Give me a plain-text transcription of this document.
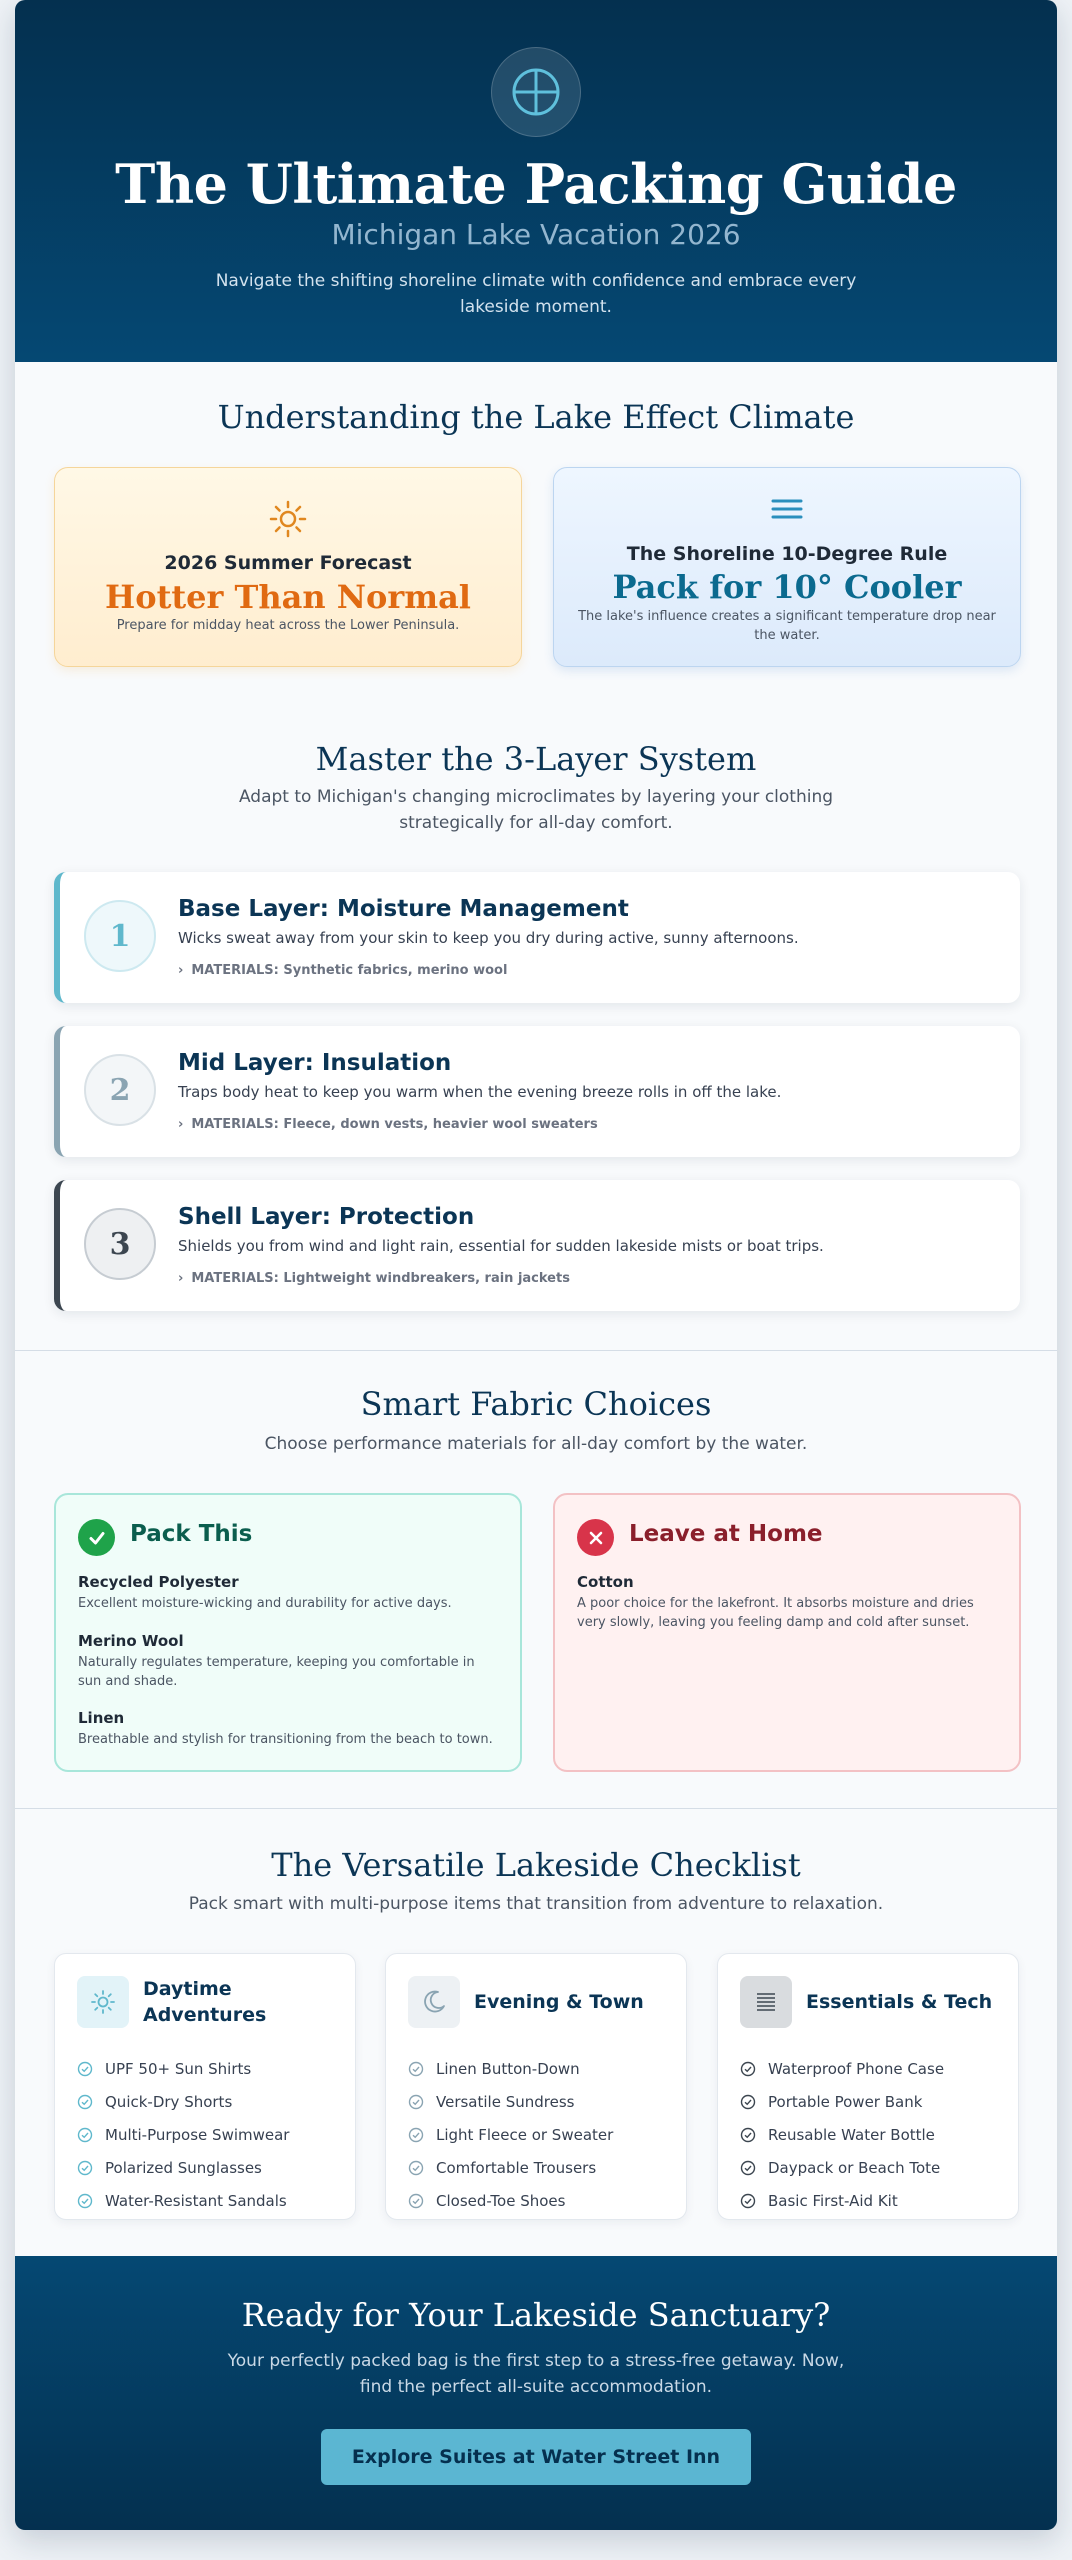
The Ultimate Packing Guide
Michigan Lake Vacation 2026

Navigate the shifting shoreline climate with confidence and embrace every lakeside moment.

Understanding the Lake Effect Climate
2026 Summer Forecast
Hotter Than Normal
Prepare for midday heat across the Lower Peninsula.
The Shoreline 10-Degree Rule
Pack for 10° Cooler
The lake's influence creates a significant temperature drop near the water.
Master the 3-Layer System

Adapt to Michigan's changing microclimates by layering your clothing strategically for all-day comfort.

1
Base Layer: Moisture Management
Wicks sweat away from your skin to keep you dry during active, sunny afternoons.
› MATERIALS: Synthetic fabrics, merino wool
2
Mid Layer: Insulation
Traps body heat to keep you warm when the evening breeze rolls in off the lake.
› MATERIALS: Fleece, down vests, heavier wool sweaters
3
Shell Layer: Protection
Shields you from wind and light rain, essential for sudden lakeside mists or boat trips.
› MATERIALS: Lightweight windbreakers, rain jackets
Smart Fabric Choices

Choose performance materials for all-day comfort by the water.

Pack This
Recycled Polyester
Excellent moisture-wicking and durability for active days.
Merino Wool
Naturally regulates temperature, keeping you comfortable in sun and shade.
Linen
Breathable and stylish for transitioning from the beach to town.
Leave at Home
Cotton
A poor choice for the lakefront. It absorbs moisture and dries very slowly, leaving you feeling damp and cold after sunset.
The Versatile Lakeside Checklist

Pack smart with multi-purpose items that transition from adventure to relaxation.

Daytime Adventures
UPF 50+ Sun Shirts
Quick-Dry Shorts
Multi-Purpose Swimwear
Polarized Sunglasses
Water-Resistant Sandals
Evening & Town
Linen Button-Down
Versatile Sundress
Light Fleece or Sweater
Comfortable Trousers
Closed-Toe Shoes
Essentials & Tech
Waterproof Phone Case
Portable Power Bank
Reusable Water Bottle
Daypack or Beach Tote
Basic First-Aid Kit
Ready for Your Lakeside Sanctuary?

Your perfectly packed bag is the first step to a stress-free getaway. Now, find the perfect all-suite accommodation.

Explore Suites at Water Street Inn
